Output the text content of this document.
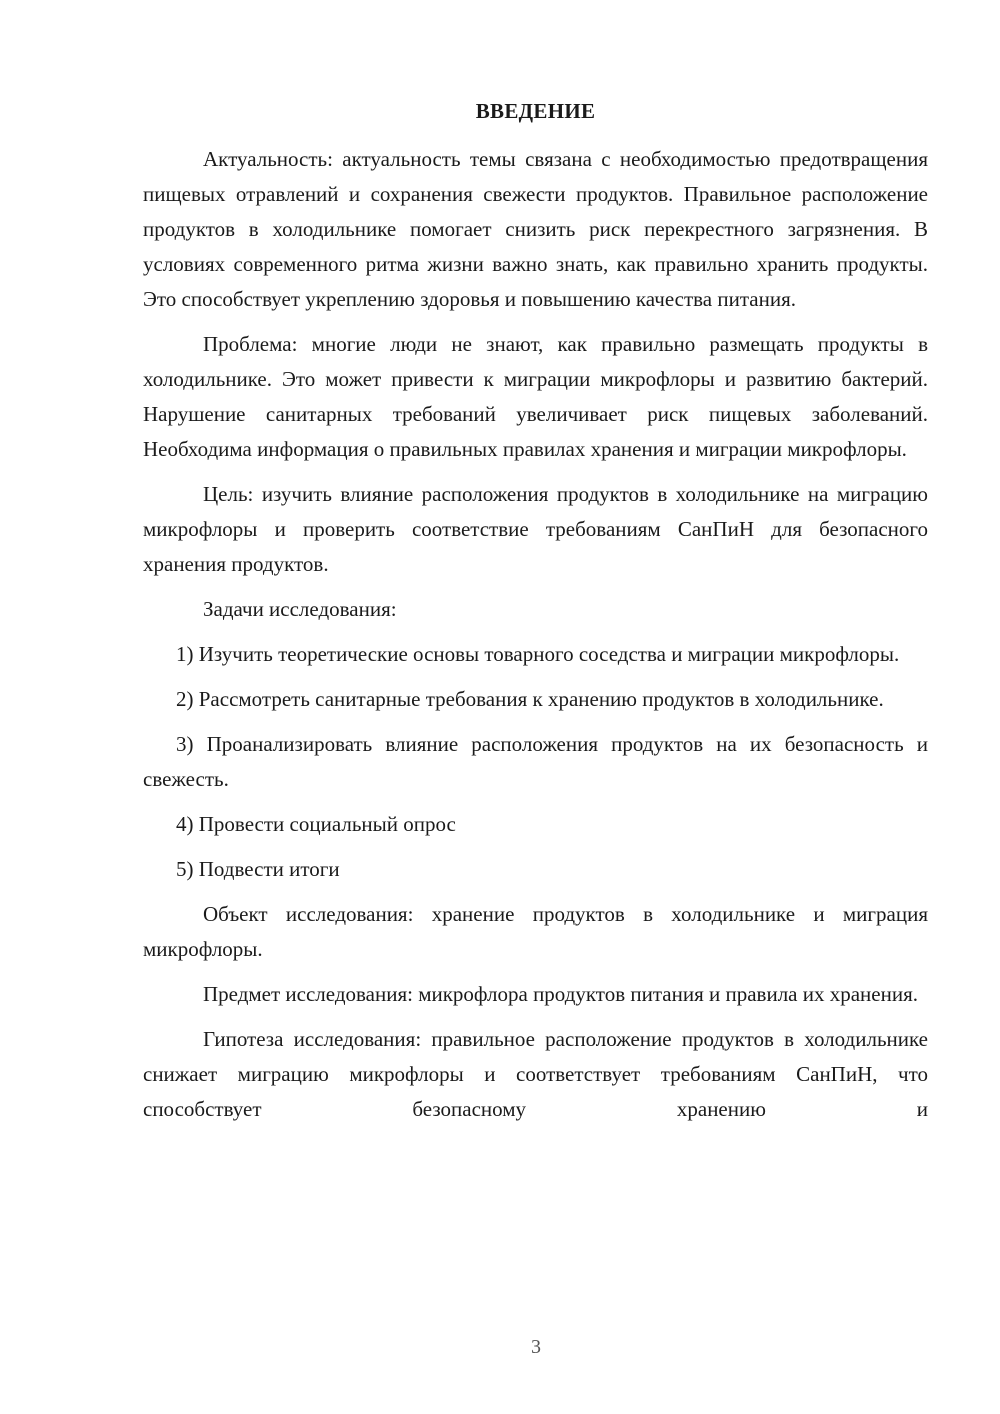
ВВЕДЕНИЕ

Актуальность: актуальность темы связана с необходимостью предотвращения пищевых отравлений и сохранения свежести продуктов. Правильное расположение продуктов в холодильнике помогает снизить риск перекрестного загрязнения. В условиях современного ритма жизни важно знать, как правильно хранить продукты. Это способствует укреплению здоровья и повышению качества питания.

Проблема: многие люди не знают, как правильно размещать продукты в холодильнике. Это может привести к миграции микрофлоры и развитию бактерий. Нарушение санитарных требований увеличивает риск пищевых заболеваний. Необходима информация о правильных правилах хранения и миграции микрофлоры.

Цель: изучить влияние расположения продуктов в холодильнике на миграцию микрофлоры и проверить соответствие требованиям СанПиН для безопасного хранения продуктов.

Задачи исследования:

1) Изучить теоретические основы товарного соседства и миграции микрофлоры.

2) Рассмотреть санитарные требования к хранению продуктов в холодильнике.

3) Проанализировать влияние расположения продуктов на их безопасность и свежесть.

4) Провести социальный опрос

5) Подвести итоги

Объект исследования: хранение продуктов в холодильнике и миграция микрофлоры.

Предмет исследования: микрофлора продуктов питания и правила их хранения.

Гипотеза исследования: правильное расположение продуктов в холодильнике снижает миграцию микрофлоры и соответствует требованиям СанПиН, что способствует безопасному хранению и

3
